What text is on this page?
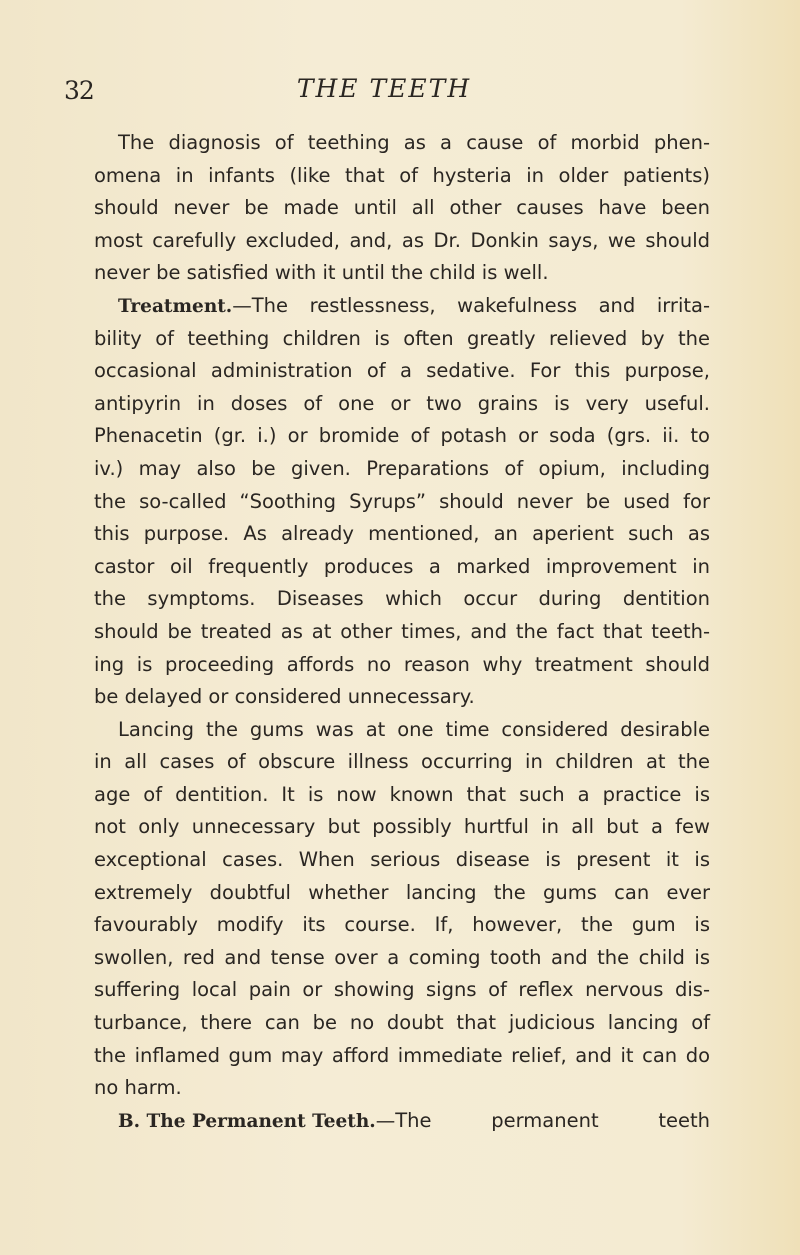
32	THE TEETH
The diagnosis of teething as a cause of morbid phen-
omena in infants (like that of hysteria in older patients)
should never be made until all other causes have been
most carefully excluded, and, as Dr. Donkin says, we should
never be satisfied with it until the child is well.
Treatment. —The restlessness, wakefulness and irrita-
bility of teething children is often greatly relieved by the
occasional administration of a sedative. For this purpose,
antipyrin in doses of one or two grains is very useful.
Phenacetin (gr. i.) or bromide of potash or soda (grs. ii. to
iv.) may also be given. Preparations of opium, including
the so-called “Soothing Syrups” should never be used for
this purpose. As already mentioned, an aperient such as
castor oil frequently produces a marked improvement in
the symptoms. Diseases which occur during dentition
should be treated as at other times, and the fact that teeth-
ing is proceeding affords no reason why treatment should
be delayed or considered unnecessary.
Lancing the gums was at one time considered desirable
in all cases of obscure illness occurring in children at the
age of dentition. It is now known that such a practice is
not only unnecessary but possibly hurtful in all but a few
exceptional cases. When serious disease is present it is
extremely doubtful whether lancing the gums can ever
favourably modify its course. If, however, the gum is
swollen, red and tense over a coming tooth and the child is
suffering local pain or showing signs of reflex nervous dis-
turbance, there can be no doubt that judicious lancing of
the inflamed gum may afford immediate relief, and it can do
no harm.
B. The Permanent Teeth. —The permanent teeth
